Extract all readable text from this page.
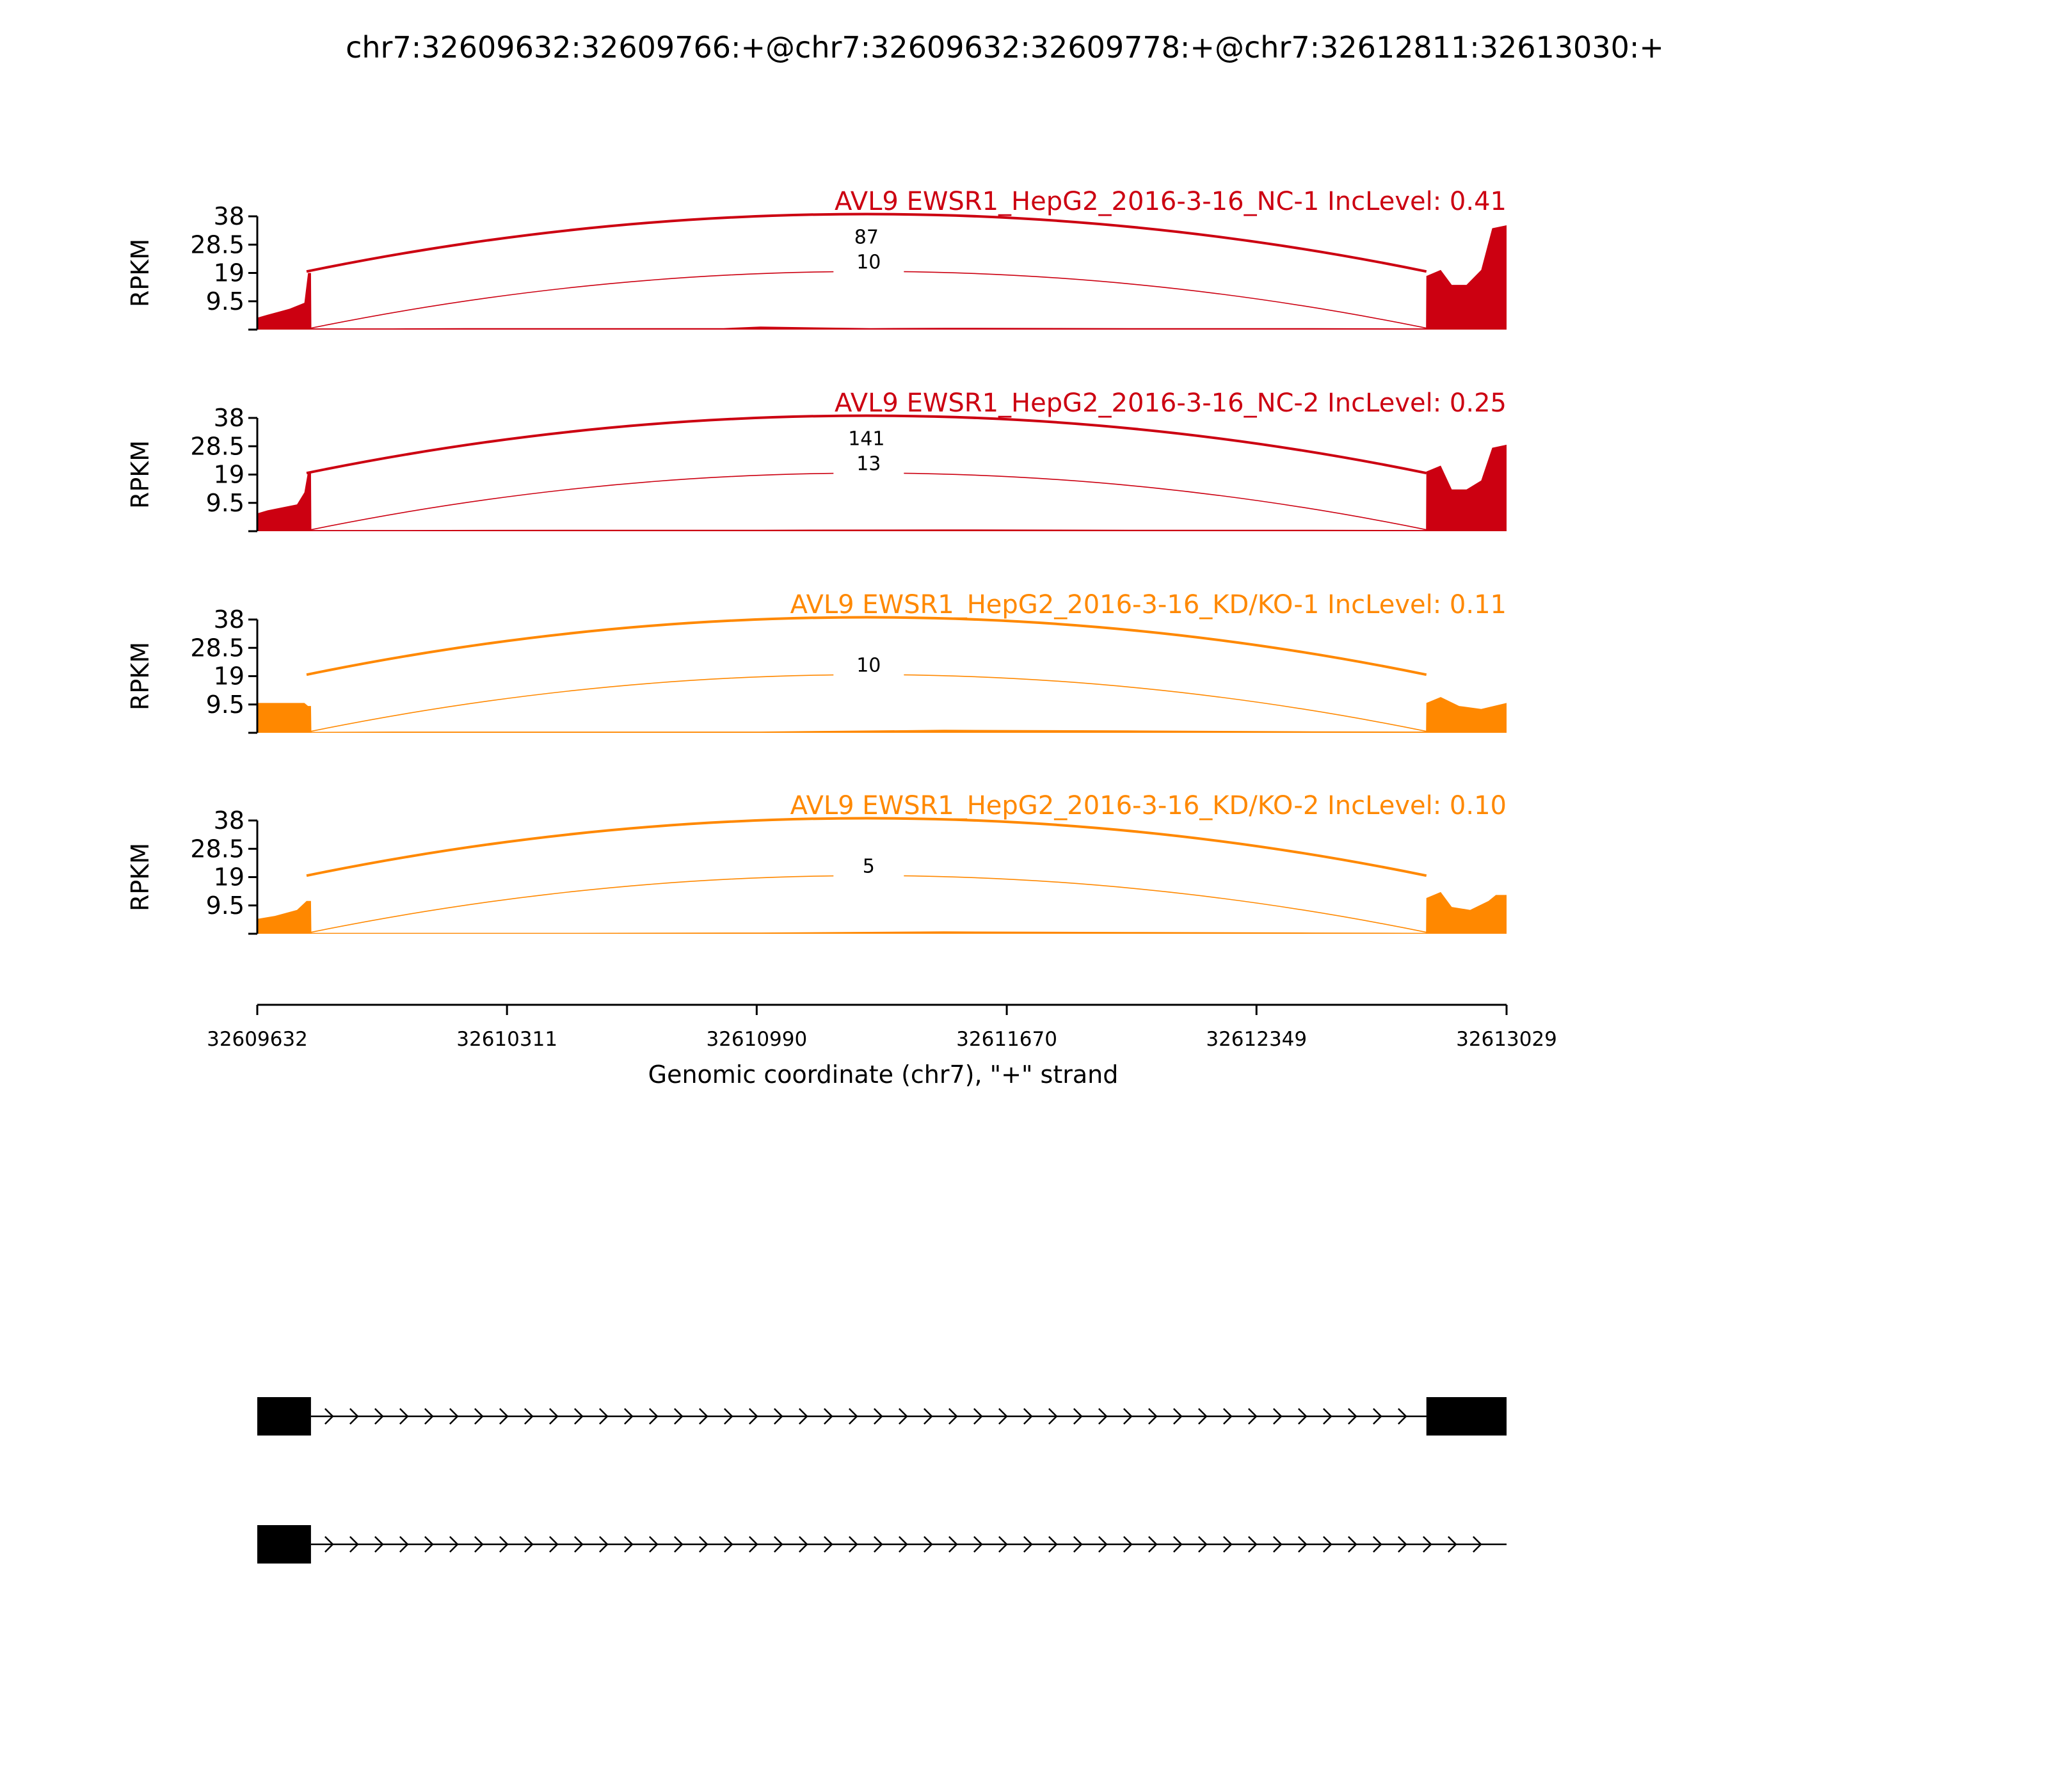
chr7:32609632:32609766:+@chr7:32609632:32609778:+@chr7:32612811:32613030:+
87
10
38
28.5
19
9.5
RPKM
AVL9 EWSR1_HepG2_2016-3-16_NC-1 IncLevel: 0.41
141
13
38
28.5
19
9.5
RPKM
AVL9 EWSR1_HepG2_2016-3-16_NC-2 IncLevel: 0.25
10
38
28.5
19
9.5
RPKM
AVL9 EWSR1_HepG2_2016-3-16_KD/KO-1 IncLevel: 0.11
5
38
28.5
19
9.5
RPKM
AVL9 EWSR1_HepG2_2016-3-16_KD/KO-2 IncLevel: 0.10
32609632	32610311	32610990	32611670	32612349	32613029
Genomic coordinate (chr7), "+" strand
